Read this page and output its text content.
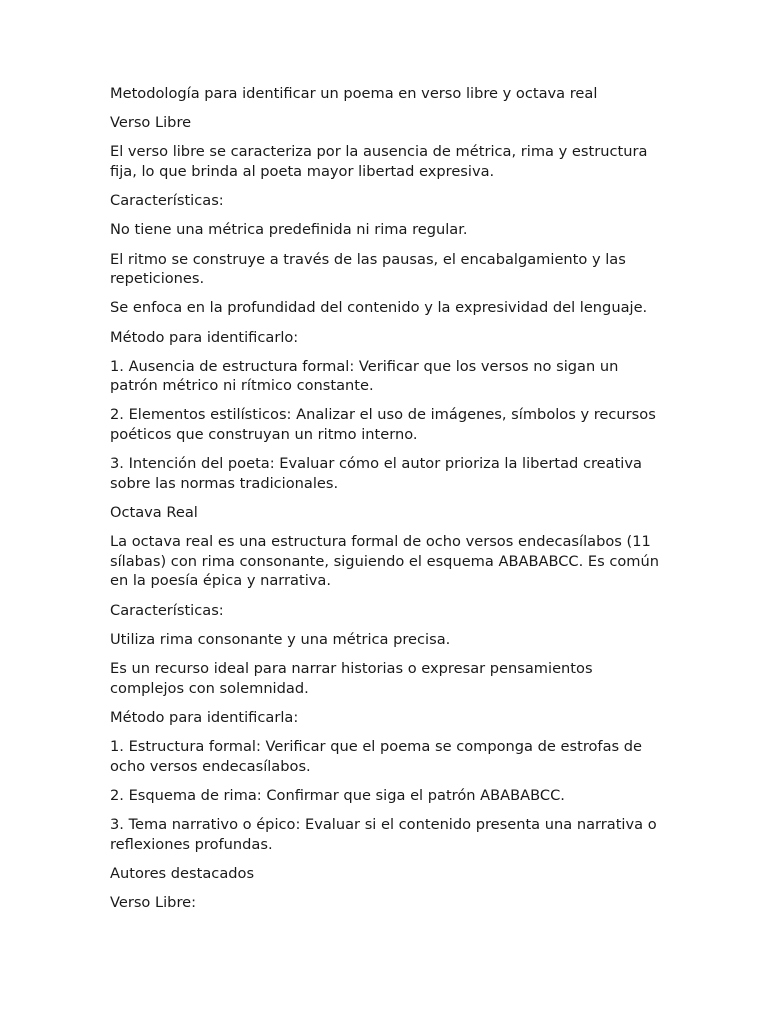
Metodología para identificar un poema en verso libre y octava real

Verso Libre

El verso libre se caracteriza por la ausencia de métrica, rima y estructura fija, lo que brinda al poeta mayor libertad expresiva.

Características:

No tiene una métrica predefinida ni rima regular.

El ritmo se construye a través de las pausas, el encabalgamiento y las repeticiones.

Se enfoca en la profundidad del contenido y la expresividad del lenguaje.

Método para identificarlo:

1. Ausencia de estructura formal: Verificar que los versos no sigan un patrón métrico ni rítmico constante.

2. Elementos estilísticos: Analizar el uso de imágenes, símbolos y recursos poéticos que construyan un ritmo interno.

3. Intención del poeta: Evaluar cómo el autor prioriza la libertad creativa sobre las normas tradicionales.

Octava Real

La octava real es una estructura formal de ocho versos endecasílabos (11 sílabas) con rima consonante, siguiendo el esquema ABABABCC. Es común en la poesía épica y narrativa.

Características:

Utiliza rima consonante y una métrica precisa.

Es un recurso ideal para narrar historias o expresar pensamientos complejos con solemnidad.

Método para identificarla:

1. Estructura formal: Verificar que el poema se componga de estrofas de ocho versos endecasílabos.

2. Esquema de rima: Confirmar que siga el patrón ABABABCC.

3. Tema narrativo o épico: Evaluar si el contenido presenta una narrativa o reflexiones profundas.

Autores destacados

Verso Libre:
